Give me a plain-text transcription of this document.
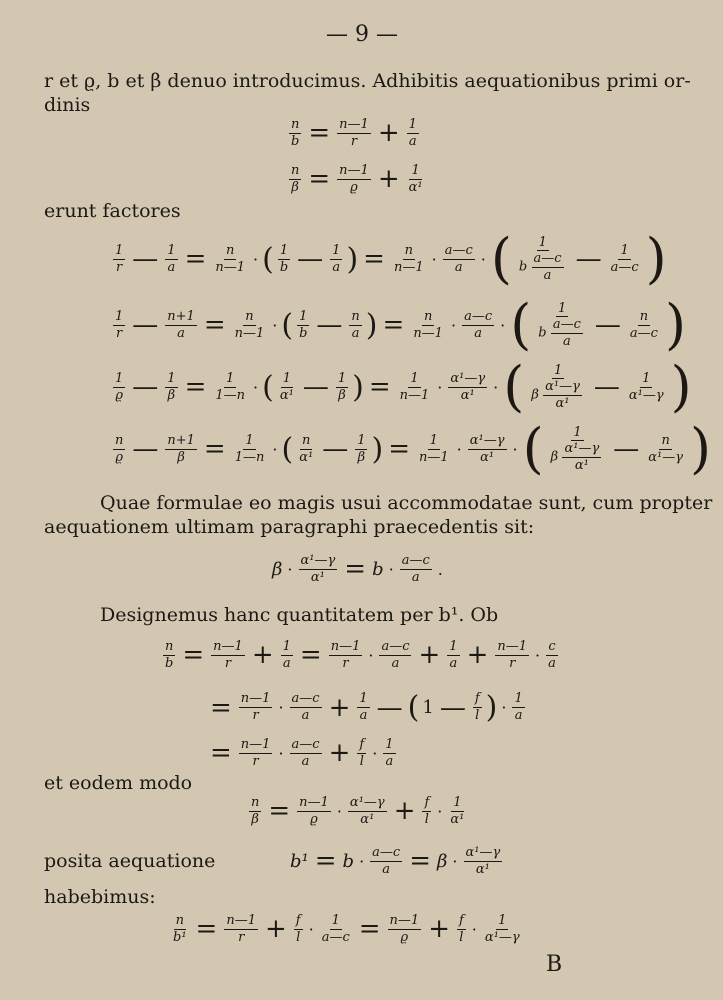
— 9 —
r et ϱ, b et β denuo introducimus. Adhibitis aequationibus primi or-
dinis
$\frac{n}{b} = \frac{n—1}{r} + \frac{1}{a}$
$\frac{n}{\beta} = \frac{n—1}{ϱ} + \frac{1}{\text{α¹}}$
erunt factores
$\frac{1}{r}$ — $\frac{1}{a} = \frac{n}{n—1}$ · ( $\frac{1}{b}$ — $\frac{1}{a}$ ) = $\frac{n}{n—1} \cdot \frac{a—c}{a}$ · ( $\frac{1}{b \frac{a—c}{a}}$ — $\frac{1}{a—c}$ )
$\frac{1}{r}$ — $\frac{n+1}{a} = \frac{n}{n—1}$ · ( $\frac{1}{b}$ — $\frac{n}{a}$ ) = $\frac{n}{n—1} \cdot \frac{a—c}{a}$ · ( $\frac{1}{b \frac{a—c}{a}}$ — $\frac{n}{a—c}$ )
$\frac{1}{ϱ}$ — $\frac{1}{\beta} = \frac{1}{1—n}$ · ( $\frac{1}{\text{α¹}}$ — $\frac{1}{\beta}$ ) = $\frac{1}{n—1} \cdot \frac{\text{α¹—γ}}{\text{α¹}}$ · ( $\frac{1}{\beta \frac{\text{α¹—γ}}{\text{α¹}}}$ — $\frac{1}{\text{α¹—γ}}$ )
$\frac{n}{ϱ}$ — $\frac{n+1}{\beta} = \frac{1}{1—n}$ · ( $\frac{n}{\text{α¹}}$ — $\frac{1}{\beta}$ ) = $\frac{1}{n—1} \cdot \frac{\text{α¹—γ}}{\text{α¹}}$ · ( $\frac{1}{\beta \frac{\text{α¹—γ}}{\text{α¹}}}$ — $\frac{n}{\text{α¹—γ}}$ )
Quae formulae eo magis usui accommodatae sunt, cum propter
aequationem ultimam paragraphi praecedentis sit:
$\beta \cdot \frac{\text{α¹—γ}}{\text{α¹}} = b \cdot \frac{a—c}{a}$ .
Designemus hanc quantitatem per b¹. Ob
$\frac{n}{b} = \frac{n—1}{r} + \frac{1}{a} = \frac{n—1}{r} \cdot \frac{a—c}{a} + \frac{1}{a} + \frac{n—1}{r} \cdot \frac{c}{a}$
= $\frac{n—1}{r} \cdot \frac{a—c}{a} + \frac{1}{a}$ — ( 1 — $\frac{f}{l}$ ) · $\frac{1}{a}$
= $\frac{n—1}{r} \cdot \frac{a—c}{a} + \frac{f}{l} \cdot \frac{1}{a}$
et eodem modo
$\frac{n}{\beta} = \frac{n—1}{ϱ} \cdot \frac{\text{α¹—γ}}{\text{α¹}} + \frac{f}{l} \cdot \frac{1}{\text{α¹}}$
posita aequatione	$b^1 = b \cdot \frac{a—c}{a} = \beta \cdot \frac{\text{α¹—γ}}{\text{α¹}}$
habebimus:
$\frac{n}{\text{b¹}} = \frac{n—1}{r} + \frac{f}{l} \cdot \frac{1}{a—c} = \frac{n—1}{ϱ} + \frac{f}{l} \cdot \frac{1}{\text{α¹—γ}}$
B
